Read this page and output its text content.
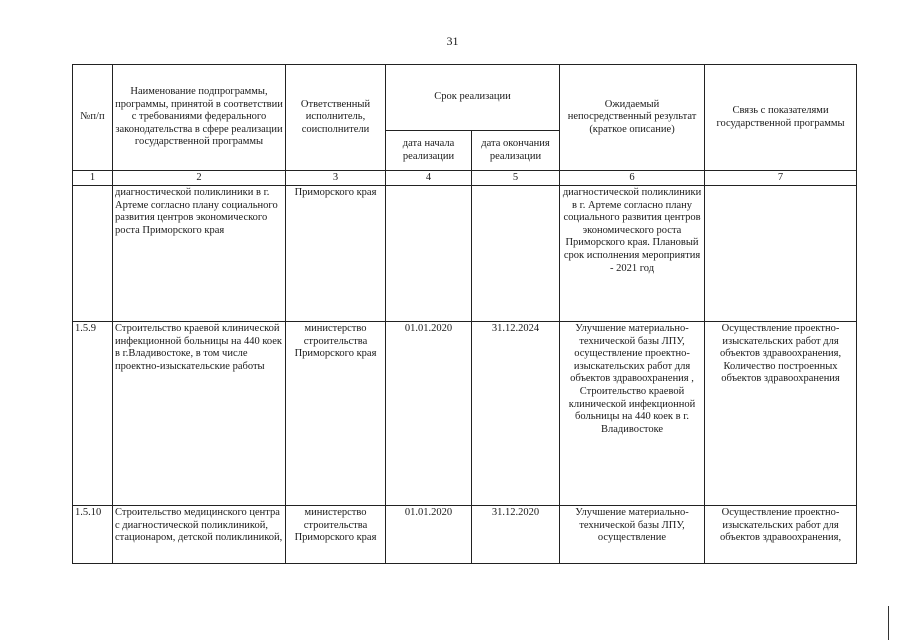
31
№п/п	Наименование подпрограммы, программы, принятой в соответствии с требованиями федерального законодательства в сфере реализации государственной программы	Ответственный исполнитель, соисполнители	Срок реализации		Ожидаемый непосредственный результат (краткое описание)	Связь с показателями государственной программы
			дата начала реализации	дата окончания реализации		
1	2	3	4	5	6	7
	диагностической поликлиники в г. Артеме согласно плану социального развития центров экономического роста Приморского края	Приморского края			диагностической поликлиники в г. Артеме согласно плану социального развития центров экономического роста Приморского края. Плановый срок исполнения мероприятия - 2021 год	
1.5.9	Строительство краевой клинической инфекционной больницы на 440 коек в г.Владивостоке, в том числе проектно-изыскательские работы	министерство строительства Приморского края	01.01.2020	31.12.2024	Улучшение материально-технической базы ЛПУ, осуществление проектно-изыскательских работ для объектов здравоохранения , Строительство краевой клинической инфекционной больницы на 440 коек в г. Владивостоке	Осуществление проектно-изыскательских работ для объектов здравоохранения, Количество построенных объектов здравоохранения
1.5.10	Строительство медицинского центра с диагностической поликлиникой, стационаром, детской поликлиникой,	министерство строительства Приморского края	01.01.2020	31.12.2020	Улучшение материально-технической базы ЛПУ, осуществление	Осуществление проектно-изыскательских работ для объектов здравоохранения,
